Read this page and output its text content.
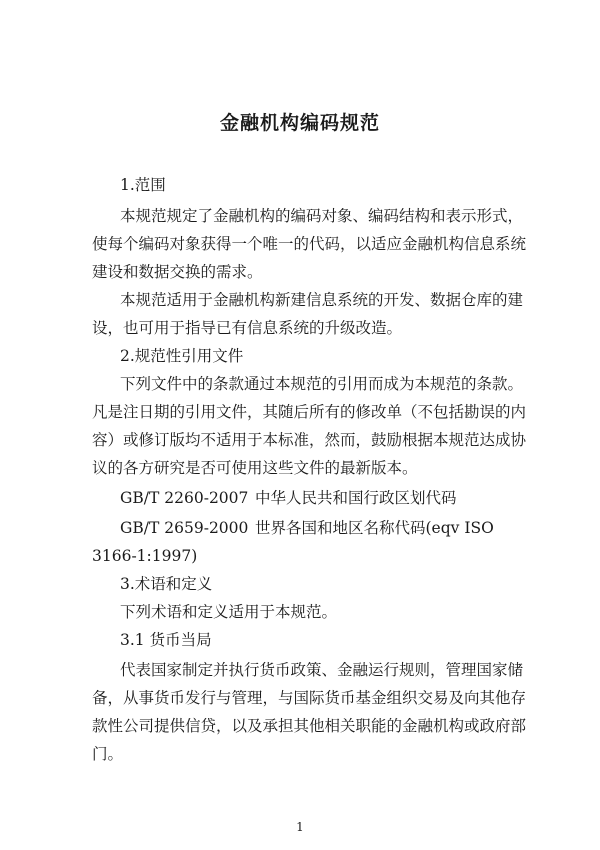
金融机构编码规范
1.范围
本规范规定了金融机构的编码对象、编码结构和表示形式，
使每个编码对象获得一个唯一的代码，以适应金融机构信息系统
建设和数据交换的需求。
本规范适用于金融机构新建信息系统的开发、数据仓库的建
设，也可用于指导已有信息系统的升级改造。
2.规范性引用文件
下列文件中的条款通过本规范的引用而成为本规范的条款。
凡是注日期的引用文件，其随后所有的修改单（不包括勘误的内
容）或修订版均不适用于本标准，然而，鼓励根据本规范达成协
议的各方研究是否可使用这些文件的最新版本。
GB/T 2260-2007 中华人民共和国行政区划代码
GB/T 2659-2000 世界各国和地区名称代码(eqv ISO
3166-1:1997)
3.术语和定义
下列术语和定义适用于本规范。
3.1 货币当局
代表国家制定并执行货币政策、金融运行规则，管理国家储
备，从事货币发行与管理，与国际货币基金组织交易及向其他存
款性公司提供信贷，以及承担其他相关职能的金融机构或政府部
门。
1
